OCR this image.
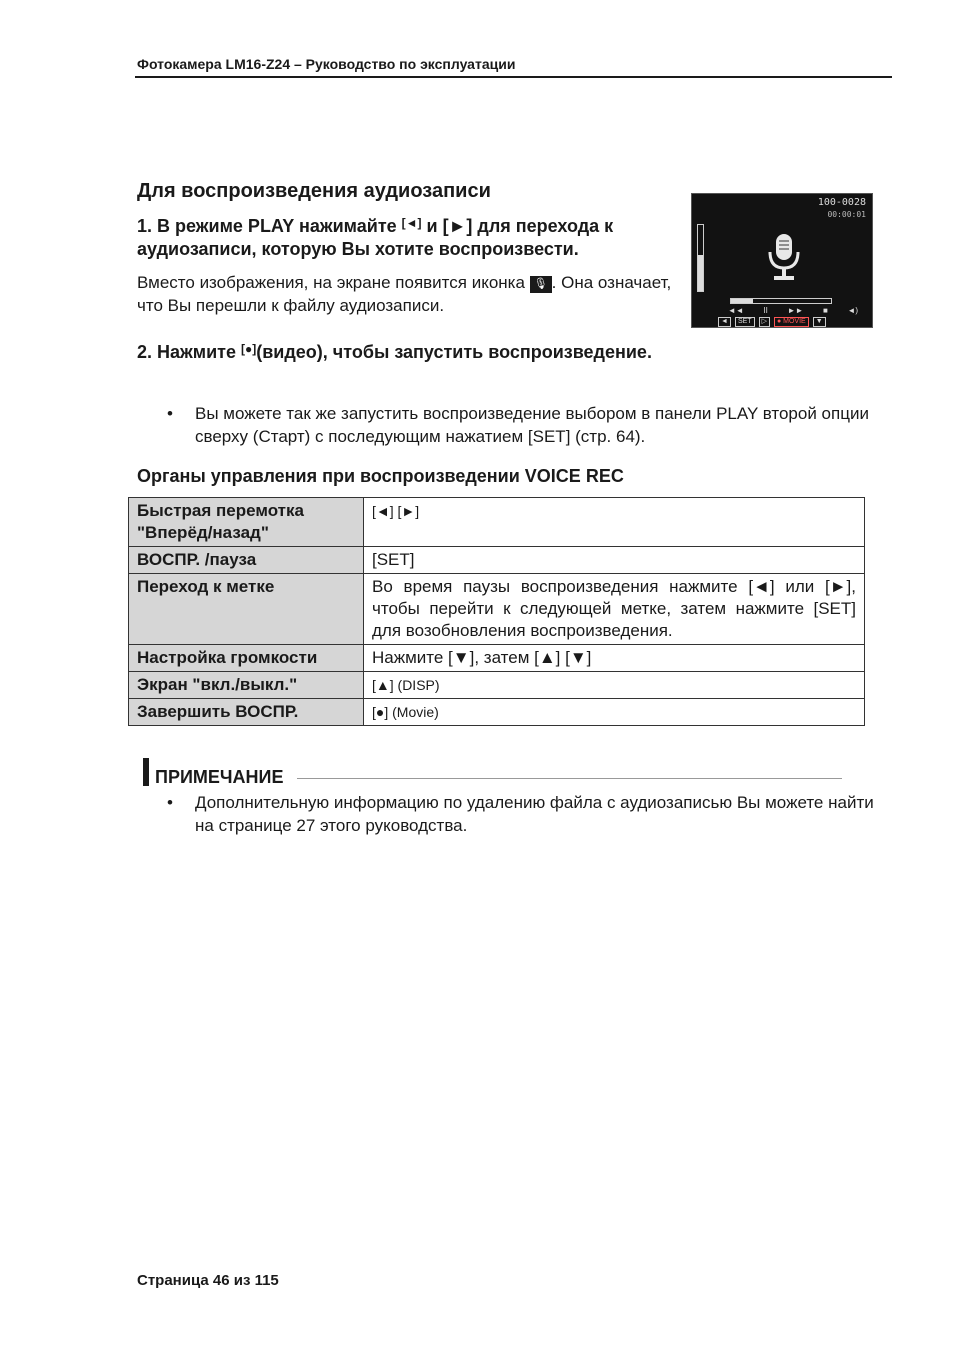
Фотокамера LM16-Z24 – Руководство по эксплуатации
Для воспроизведения аудиозаписи
1. В режиме PLAY нажимайте [◄] и [►] для перехода к аудиозаписи, которую Вы хотите воспроизвести.
Вместо изображения, на экране появится иконка 🎙 . Она означает, что Вы перешли к файлу аудиозаписи.
2. Нажмите [●](видео), чтобы запустить воспроизведение.
• Вы можете так же запустить воспроизведение выбором в панели PLAY второй опции сверху (Старт) с последующим нажатием [SET] (стр. 64).
100-0028
00:00:01
◄◄ II ►► ■ ◄)
◄	SET	▷	● MOVIE	▼
Органы управления при воспроизведении VOICE REC
Быстрая перемотка "Вперёд/назад"	[◄] [►]
ВОСПР. /пауза	[SET]
Переход к метке	Во время паузы воспроизведения нажмите [◄] или [►], чтобы перейти к следующей метке, затем нажмите [SET] для возобновления воспроизведения.
Настройка громкости	Нажмите [▼], затем [▲] [▼]
Экран "вкл./выкл."	[▲] (DISP)
Завершить ВОСПР.	[●] (Movie)
ПРИМЕЧАНИЕ
• Дополнительную информацию по удалению файла с аудиозаписью Вы можете найти на странице 27 этого руководства.
Страница 46 из 115
